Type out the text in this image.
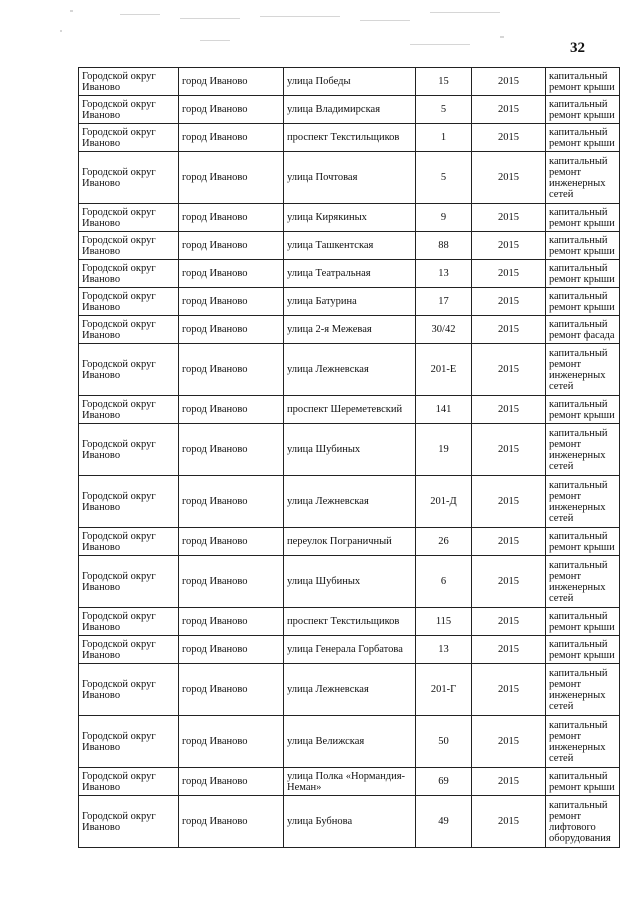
32
Городской округ Иваново	город Иваново	улица Победы	15	2015	капитальный ремонт крыши
Городской округ Иваново	город Иваново	улица Владимирская	5	2015	капитальный ремонт крыши
Городской округ Иваново	город Иваново	проспект Текстильщиков	1	2015	капитальный ремонт крыши
Городской округ Иваново	город Иваново	улица Почтовая	5	2015	капитальный ремонт инженерных сетей
Городской округ Иваново	город Иваново	улица Кирякиных	9	2015	капитальный ремонт крыши
Городской округ Иваново	город Иваново	улица Ташкентская	88	2015	капитальный ремонт крыши
Городской округ Иваново	город Иваново	улица Театральная	13	2015	капитальный ремонт крыши
Городской округ Иваново	город Иваново	улица Батурина	17	2015	капитальный ремонт крыши
Городской округ Иваново	город Иваново	улица 2-я Межевая	30/42	2015	капитальный ремонт фасада
Городской округ Иваново	город Иваново	улица Лежневская	201-Е	2015	капитальный ремонт инженерных сетей
Городской округ Иваново	город Иваново	проспект Шереметевский	141	2015	капитальный ремонт крыши
Городской округ Иваново	город Иваново	улица Шубиных	19	2015	капитальный ремонт инженерных сетей
Городской округ Иваново	город Иваново	улица Лежневская	201-Д	2015	капитальный ремонт инженерных сетей
Городской округ Иваново	город Иваново	переулок Пограничный	26	2015	капитальный ремонт крыши
Городской округ Иваново	город Иваново	улица Шубиных	6	2015	капитальный ремонт инженерных сетей
Городской округ Иваново	город Иваново	проспект Текстильщиков	115	2015	капитальный ремонт крыши
Городской округ Иваново	город Иваново	улица Генерала Горбатова	13	2015	капитальный ремонт крыши
Городской округ Иваново	город Иваново	улица Лежневская	201-Г	2015	капитальный ремонт инженерных сетей
Городской округ Иваново	город Иваново	улица Велижская	50	2015	капитальный ремонт инженерных сетей
Городской округ Иваново	город Иваново	улица Полка «Нормандия-Неман»	69	2015	капитальный ремонт крыши
Городской округ Иваново	город Иваново	улица Бубнова	49	2015	капитальный ремонт лифтового оборудования
